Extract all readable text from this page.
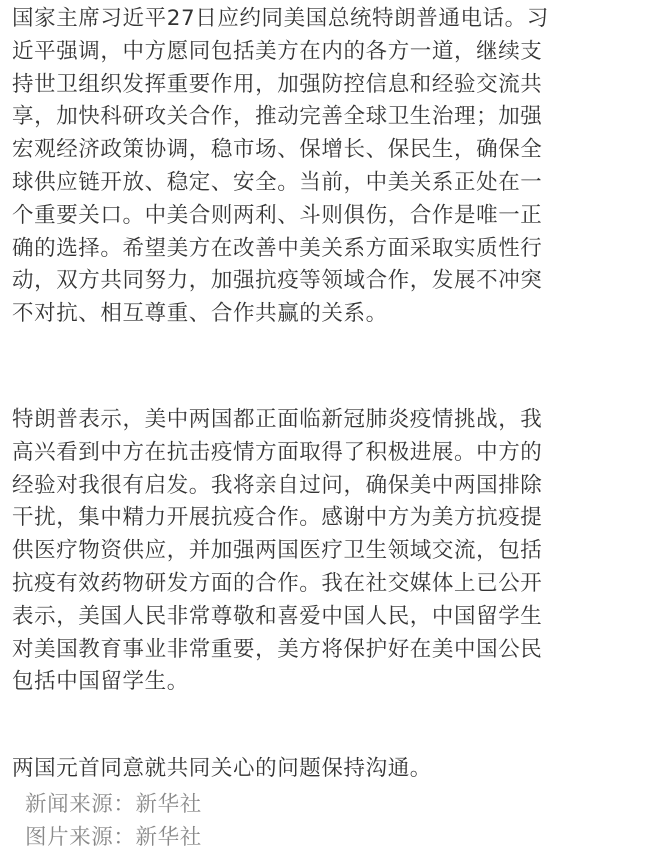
国家主席习近平27日应约同美国总统特朗普通电话。习
近平强调，中方愿同包括美方在内的各方一道，继续支
持世卫组织发挥重要作用，加强防控信息和经验交流共
享，加快科研攻关合作，推动完善全球卫生治理；加强
宏观经济政策协调，稳市场、保增长、保民生，确保全
球供应链开放、稳定、安全。当前，中美关系正处在一
个重要关口。中美合则两利、斗则俱伤，合作是唯一正
确的选择。希望美方在改善中美关系方面采取实质性行
动，双方共同努力，加强抗疫等领域合作，发展不冲突
不对抗、相互尊重、合作共赢的关系。
特朗普表示，美中两国都正面临新冠肺炎疫情挑战，我
高兴看到中方在抗击疫情方面取得了积极进展。中方的
经验对我很有启发。我将亲自过问，确保美中两国排除
干扰，集中精力开展抗疫合作。感谢中方为美方抗疫提
供医疗物资供应，并加强两国医疗卫生领域交流，包括
抗疫有效药物研发方面的合作。我在社交媒体上已公开
表示，美国人民非常尊敬和喜爱中国人民，中国留学生
对美国教育事业非常重要，美方将保护好在美中国公民
包括中国留学生。
两国元首同意就共同关心的问题保持沟通。
新闻来源：新华社
图片来源：新华社
